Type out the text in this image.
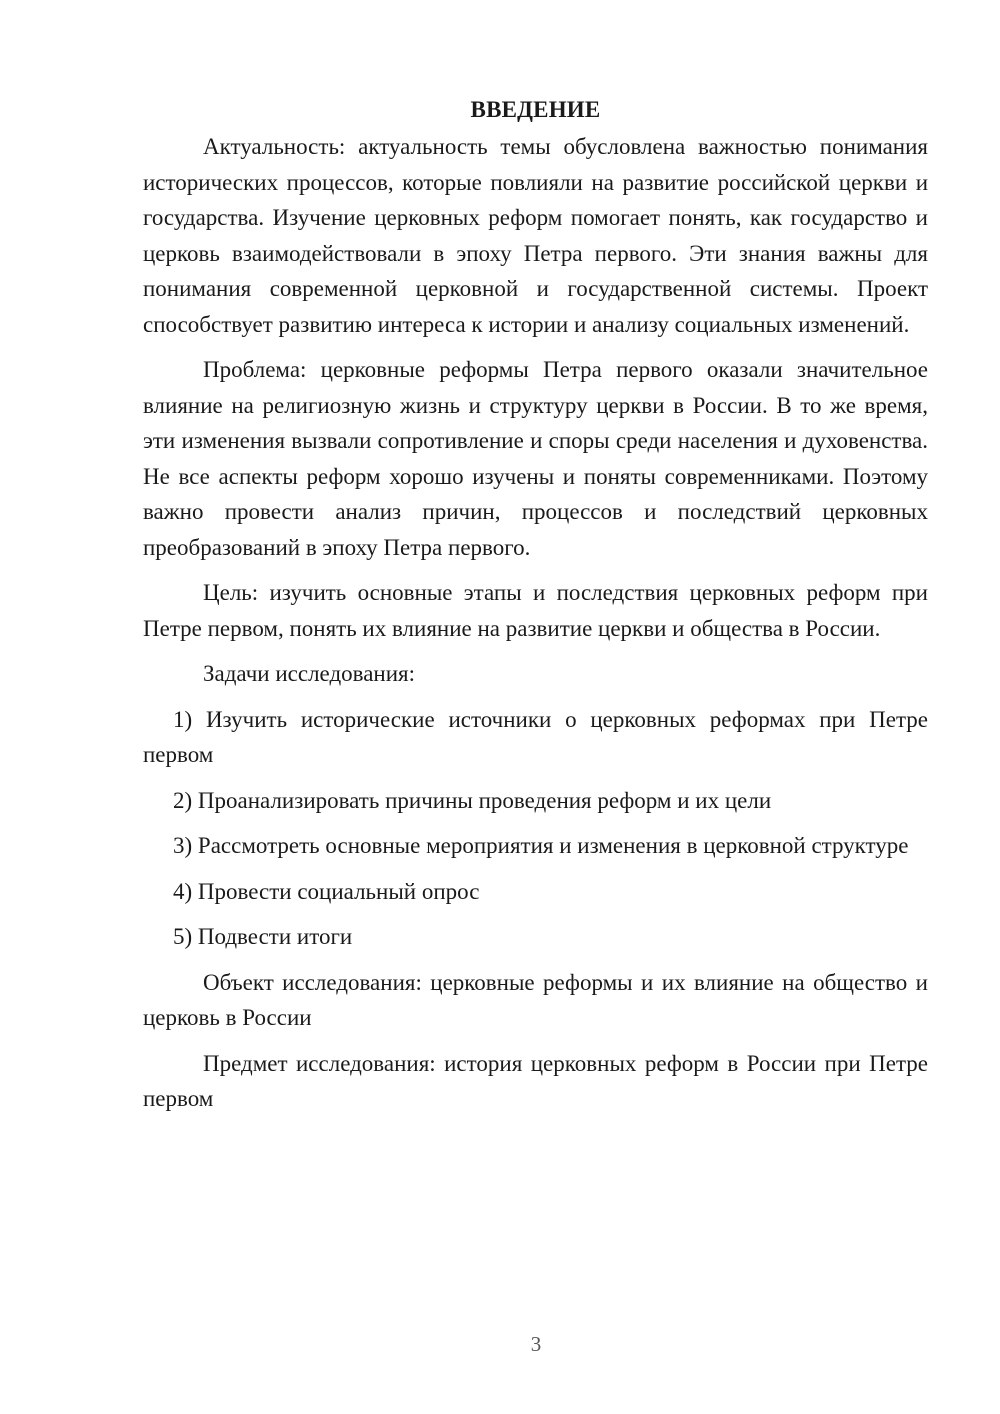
ВВЕДЕНИЕ

Актуальность: актуальность темы обусловлена важностью понимания исторических процессов, которые повлияли на развитие российской церкви и государства. Изучение церковных реформ помогает понять, как государство и церковь взаимодействовали в эпоху Петра первого. Эти знания важны для понимания современной церковной и государственной системы. Проект способствует развитию интереса к истории и анализу социальных изменений.

Проблема: церковные реформы Петра первого оказали значительное влияние на религиозную жизнь и структуру церкви в России. В то же время, эти изменения вызвали сопротивление и споры среди населения и духовенства. Не все аспекты реформ хорошо изучены и поняты современниками. Поэтому важно провести анализ причин, процессов и последствий церковных преобразований в эпоху Петра первого.

Цель: изучить основные этапы и последствия церковных реформ при Петре первом, понять их влияние на развитие церкви и общества в России.

Задачи исследования:

1) Изучить исторические источники о церковных реформах при Петре первом

2) Проанализировать причины проведения реформ и их цели

3) Рассмотреть основные мероприятия и изменения в церковной структуре

4) Провести социальный опрос

5) Подвести итоги

Объект исследования: церковные реформы и их влияние на общество и церковь в России

Предмет исследования: история церковных реформ в России при Петре первом

3
